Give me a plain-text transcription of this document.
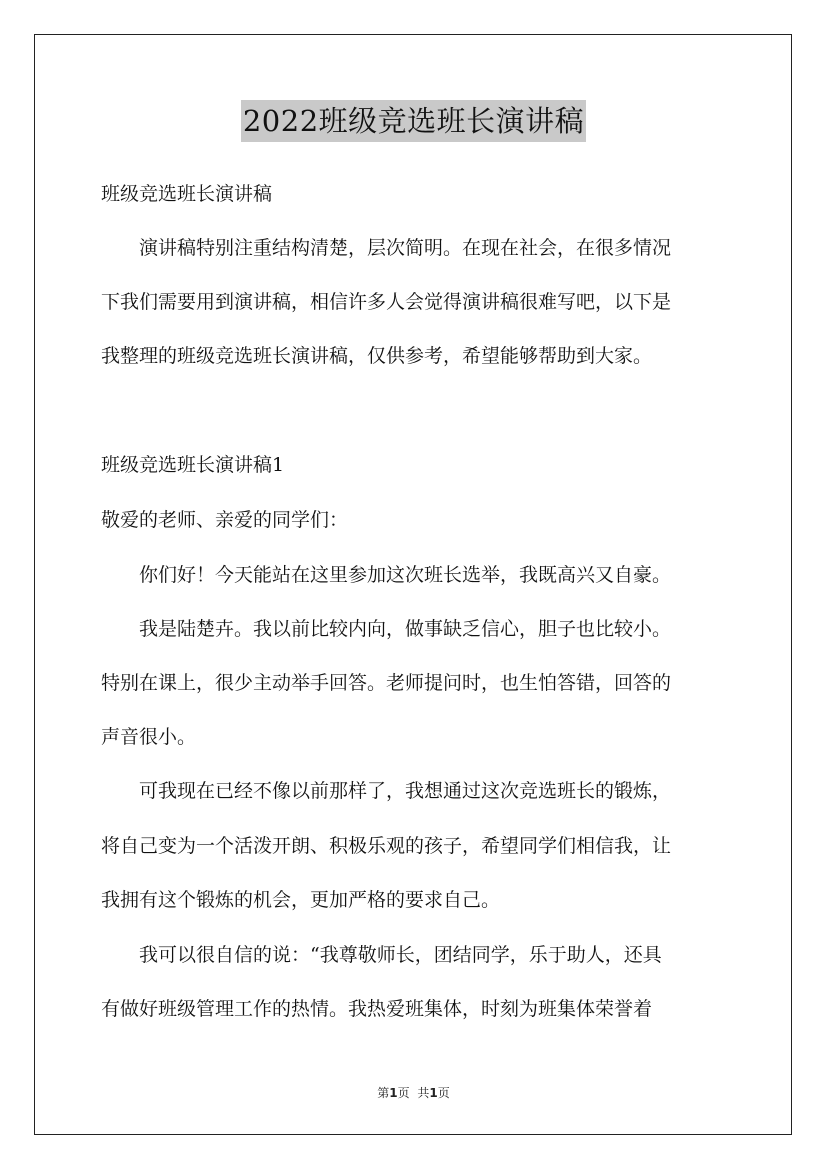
2022班级竞选班长演讲稿
班级竞选班长演讲稿
　　演讲稿特别注重结构清楚，层次简明。在现在社会，在很多情况
下我们需要用到演讲稿，相信许多人会觉得演讲稿很难写吧，以下是
我整理的班级竞选班长演讲稿，仅供参考，希望能够帮助到大家。
班级竞选班长演讲稿1
敬爱的老师、亲爱的同学们：
　　你们好！今天能站在这里参加这次班长选举，我既高兴又自豪。
　　我是陆楚卉。我以前比较内向，做事缺乏信心，胆子也比较小。
特别在课上，很少主动举手回答。老师提问时，也生怕答错，回答的
声音很小。
　　可我现在已经不像以前那样了，我想通过这次竞选班长的锻炼，
将自己变为一个活泼开朗、积极乐观的孩子，希望同学们相信我，让
我拥有这个锻炼的机会，更加严格的要求自己。
　　我可以很自信的说：“我尊敬师长，团结同学，乐于助人，还具
有做好班级管理工作的热情。我热爱班集体，时刻为班集体荣誉着
第1页 共1页
